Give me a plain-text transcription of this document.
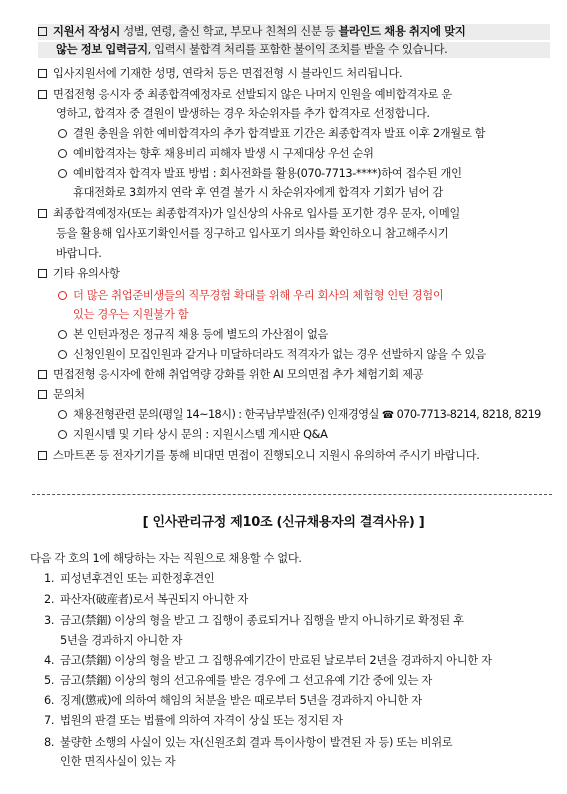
지원서 작성시 성별, 연령, 출신 학교, 부모나 친척의 신분 등 블라인드 채용 취지에 맞지
않는 정보 입력금지, 입력시 불합격 처리를 포함한 불이익 조치를 받을 수 있습니다.
입사지원서에 기재한 성명, 연락처 등은 면접전형 시 블라인드 처리됩니다.
면접전형 응시자 중 최종합격예정자로 선발되지 않은 나머지 인원을 예비합격자로 운
영하고, 합격자 중 결원이 발생하는 경우 차순위자를 추가 합격자로 선정합니다.
결원 충원을 위한 예비합격자의 추가 합격발표 기간은 최종합격자 발표 이후 2개월로 함
예비합격자는 향후 채용비리 피해자 발생 시 구제대상 우선 순위
예비합격자 합격자 발표 방법 : 회사전화를 활용(070-7713-****)하여 접수된 개인
휴대전화로 3회까지 연락 후 연결 불가 시 차순위자에게 합격자 기회가 넘어 감
최종합격예정자(또는 최종합격자)가 일신상의 사유로 입사를 포기한 경우 문자, 이메일
등을 활용해 입사포기확인서를 징구하고 입사포기 의사를 확인하오니 참고해주시기
바랍니다.
기타 유의사항
더 많은 취업준비생들의 직무경험 확대를 위해 우리 회사의 체험형 인턴 경험이
있는 경우는 지원불가 함
본 인턴과정은 정규직 채용 등에 별도의 가산점이 없음
신청인원이 모집인원과 같거나 미달하더라도 적격자가 없는 경우 선발하지 않을 수 있음
면접전형 응시자에 한해 취업역량 강화를 위한 AI 모의면접 추가 체험기회 제공
문의처
채용전형관련 문의(평일 14~18시) : 한국남부발전(주) 인재경영실 ☎ 070-7713-8214, 8218, 8219
지원시템 및 기타 상시 문의 : 지원시스템 게시판 Q&A
스마트폰 등 전자기기를 통해 비대면 면접이 진행되오니 지원시 유의하여 주시기 바랍니다.
[ 인사관리규정 제10조 (신규채용자의 결격사유) ]
다음 각 호의 1에 해당하는 자는 직원으로 채용할 수 없다.
1. 피성년후견인 또는 피한정후견인
2. 파산자(破産者)로서 복권되지 아니한 자
3. 금고(禁錮) 이상의 형을 받고 그 집행이 종료되거나 집행을 받지 아니하기로 확정된 후
5년을 경과하지 아니한 자
4. 금고(禁錮) 이상의 형을 받고 그 집행유예기간이 만료된 날로부터 2년을 경과하지 아니한 자
5. 금고(禁錮) 이상의 형의 선고유예를 받은 경우에 그 선고유예 기간 중에 있는 자
6. 징계(懲戒)에 의하여 해임의 처분을 받은 때로부터 5년을 경과하지 아니한 자
7. 법원의 판결 또는 법률에 의하여 자격이 상실 또는 정지된 자
8. 불량한 소행의 사실이 있는 자(신원조회 결과 특이사항이 발견된 자 등) 또는 비위로
인한 면직사실이 있는 자
